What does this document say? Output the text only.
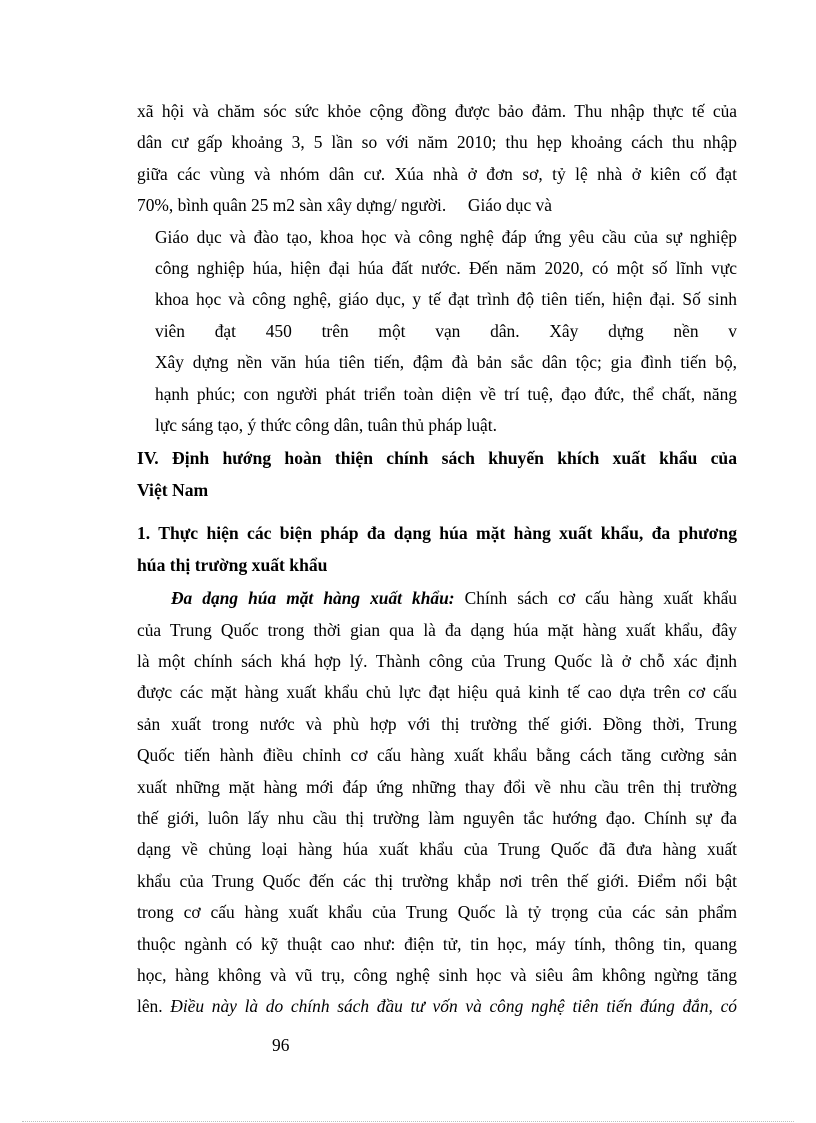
xã hội và chăm sóc sức khỏe cộng đồng được bảo đảm. Thu nhập thực tế của
dân cư gấp khoảng 3, 5 lần so với năm 2010; thu hẹp khoảng cách thu nhập
giữa các vùng và nhóm dân cư. Xúa nhà ở đơn sơ, tỷ lệ nhà ở kiên cố đạt
70%, bình quân 25 m2 sàn xây dựng/ người.     Giáo dục và

Giáo dục và đào tạo, khoa học và công nghệ đáp ứng yêu cầu của sự nghiệp
công nghiệp húa, hiện đại húa đất nước. Đến năm 2020, có một số lĩnh vực
khoa học và công nghệ, giáo dục, y tế đạt trình độ tiên tiến, hiện đại. Số sinh
viên đạt 450 trên một vạn dân. Xây dựng nền v
Xây dựng nền văn húa tiên tiến, đậm đà bản sắc dân tộc; gia đình tiến bộ,
hạnh phúc; con người phát triển toàn diện về trí tuệ, đạo đức, thể chất, năng
lực sáng tạo, ý thức công dân, tuân thủ pháp luật.

IV. Định hướng hoàn thiện chính sách khuyến khích xuất khẩu của
Việt Nam

1. Thực hiện các biện pháp đa dạng húa mặt hàng xuất khẩu, đa phương
húa thị trường xuất khẩu

Đa dạng húa mặt hàng xuất khẩu: Chính sách cơ cấu hàng xuất khẩu
của Trung Quốc trong thời gian qua là đa dạng húa mặt hàng xuất khẩu, đây
là một chính sách khá hợp lý. Thành công của Trung Quốc là ở chỗ xác định
được các mặt hàng xuất khẩu chủ lực đạt hiệu quả kinh tế cao dựa trên cơ cấu
sản xuất trong nước và phù hợp với thị trường thế giới. Đồng thời, Trung
Quốc tiến hành điều chỉnh cơ cấu hàng xuất khẩu bằng cách tăng cường sản
xuất những mặt hàng mới đáp ứng những thay đổi về nhu cầu trên thị trường
thế giới, luôn lấy nhu cầu thị trường làm nguyên tắc hướng đạo. Chính sự đa
dạng về chủng loại hàng húa xuất khẩu của Trung Quốc đã đưa hàng xuất
khẩu của Trung Quốc đến các thị trường khắp nơi trên thế giới. Điểm nổi bật
trong cơ cấu hàng xuất khẩu của Trung Quốc là tỷ trọng của các sản phẩm
thuộc ngành có kỹ thuật cao như: điện tử, tin học, máy tính, thông tin, quang
học, hàng không và vũ trụ, công nghệ sinh học và siêu âm không ngừng tăng
lên. Điều này là do chính sách đầu tư vốn và công nghệ tiên tiến đúng đắn, có

96
